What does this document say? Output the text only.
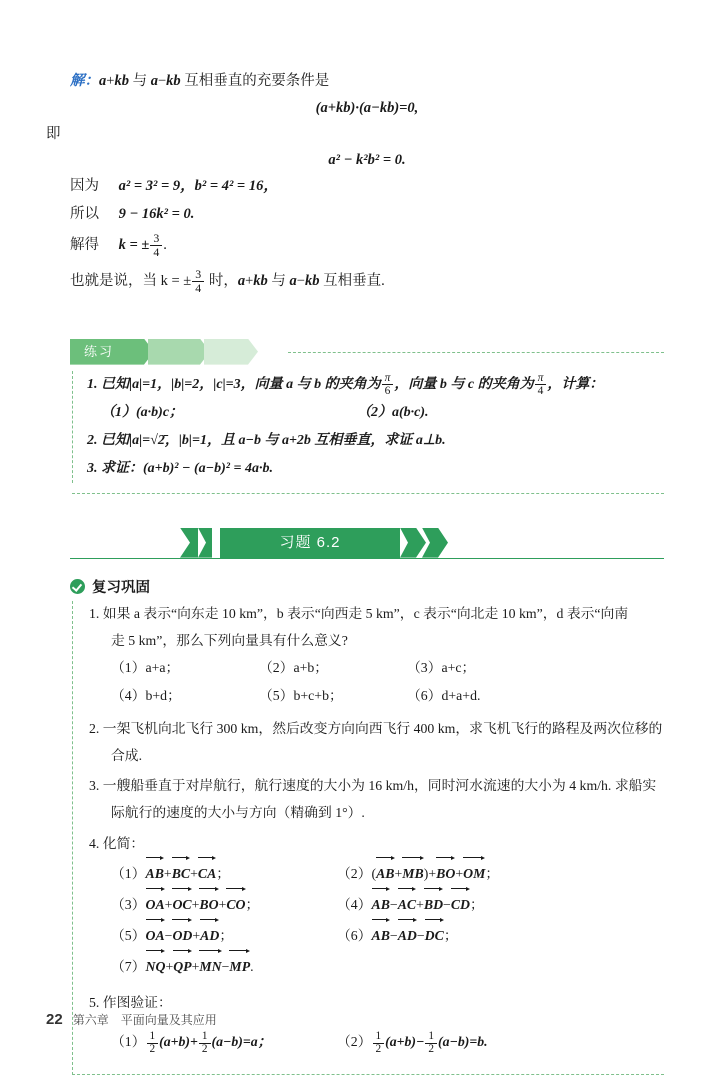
解：a+kb 与 a−kb 互相垂直的充要条件是
(a+kb)·(a−kb)=0,
即
a² − k²b² = 0.
因为 a² = 3² = 9，b² = 4² = 16，
所以 9 − 16k² = 0.
解得 k = ± $\frac{3}{4}$ .
也就是说，当 k = ± $\frac{3}{4}$ 时，a+kb 与 a−kb 互相垂直.
练习
1. 已知|a|=1，|b|=2，|c|=3，向量 a 与 b 的夹角为 $\frac{\pi}{6}$ ，向量 b 与 c 的夹角为 $\frac{\pi}{4}$ ，计算：
（1）(a·b)c；	（2）a(b·c).
2. 已知|a|=√2̄，|b|=1，且 a−b 与 a+2b 互相垂直，求证 a⊥b.
3. 求证：(a+b)² − (a−b)² = 4a·b.
习题 6.2
复习巩固
1. 如果 a 表示“向东走 10 km”，b 表示“向西走 5 km”，c 表示“向北走 10 km”，d 表示“向南
走 5 km”，那么下列向量具有什么意义?
（1）a+a；	（2）a+b；	（3）a+c；
（4）b+d；	（5）b+c+b；	（6）d+a+d.
2. 一架飞机向北飞行 300 km，然后改变方向向西飞行 400 km，求飞机飞行的路程及两次位移的
合成.
3. 一艘船垂直于对岸航行，航行速度的大小为 16 km/h，同时河水流速的大小为 4 km/h. 求船实
际航行的速度的大小与方向（精确到 1°）.
4. 化简：
（1）AB+BC+CA；	（2）(AB+MB)+BO+OM；
（3）OA+OC+BO+CO；	（4）AB−AC+BD−CD；
（5）OA−OD+AD；	（6）AB−AD−DC；
（7）NQ+QP+MN−MP.
5. 作图验证：
$(1) \frac{1}{2} (a+b)+ \frac{1}{2} (a-b)=a$；	$(2) \frac{1}{2} (a+b)- \frac{1}{2} (a-b)=b$.
22 第六章　平面向量及其应用
